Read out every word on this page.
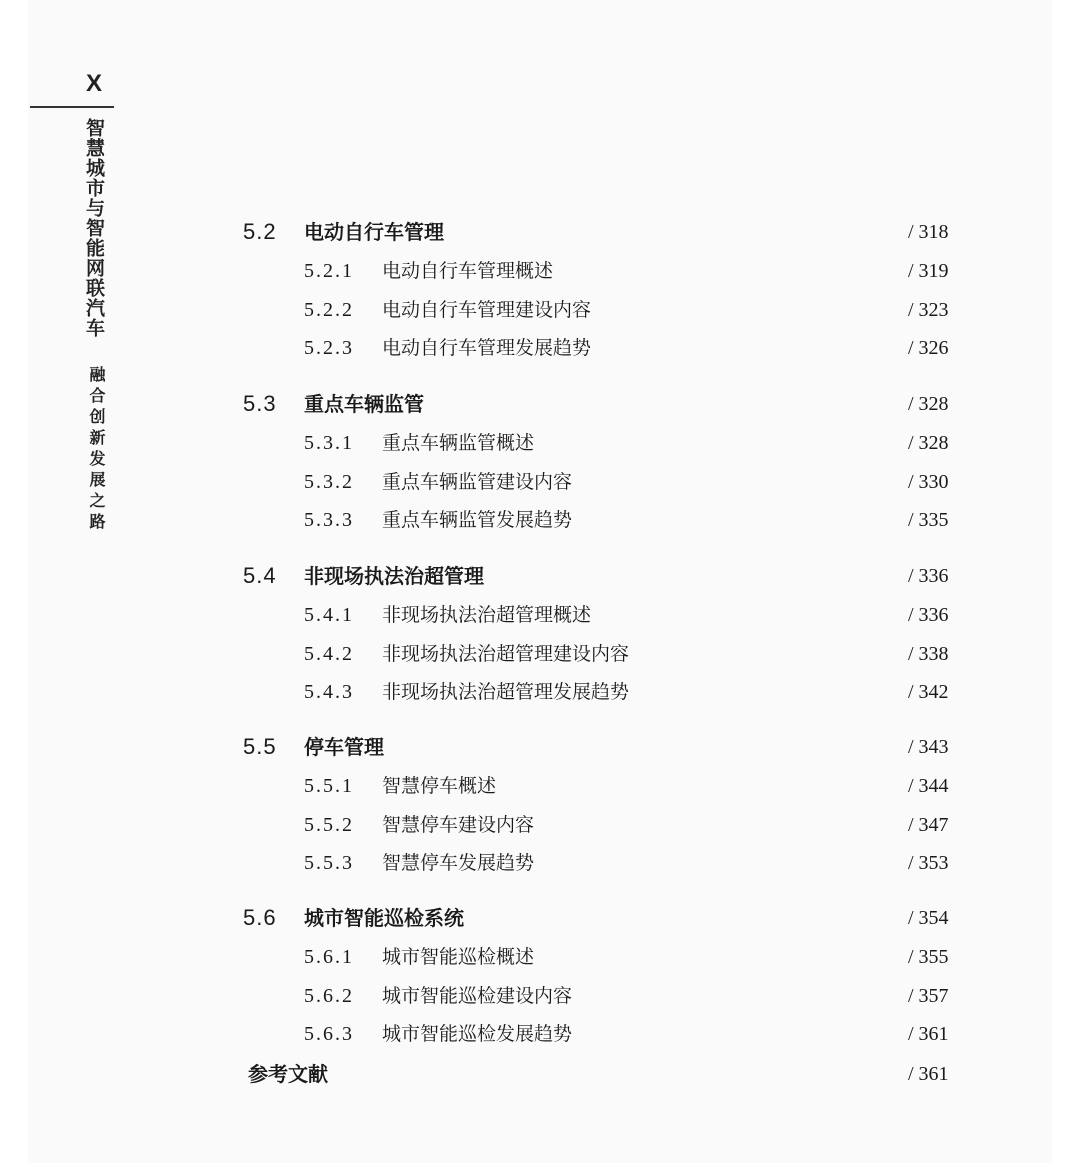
X
智慧城市与智能网联汽车
融合创新发展之路
5.2 电动自行车管理	/ 318
5.2.1 电动自行车管理概述	/ 319
5.2.2 电动自行车管理建设内容	/ 323
5.2.3 电动自行车管理发展趋势	/ 326
5.3 重点车辆监管	/ 328
5.3.1 重点车辆监管概述	/ 328
5.3.2 重点车辆监管建设内容	/ 330
5.3.3 重点车辆监管发展趋势	/ 335
5.4 非现场执法治超管理	/ 336
5.4.1 非现场执法治超管理概述	/ 336
5.4.2 非现场执法治超管理建设内容	/ 338
5.4.3 非现场执法治超管理发展趋势	/ 342
5.5 停车管理	/ 343
5.5.1 智慧停车概述	/ 344
5.5.2 智慧停车建设内容	/ 347
5.5.3 智慧停车发展趋势	/ 353
5.6 城市智能巡检系统	/ 354
5.6.1 城市智能巡检概述	/ 355
5.6.2 城市智能巡检建设内容	/ 357
5.6.3 城市智能巡检发展趋势	/ 361
参考文献	/ 361
